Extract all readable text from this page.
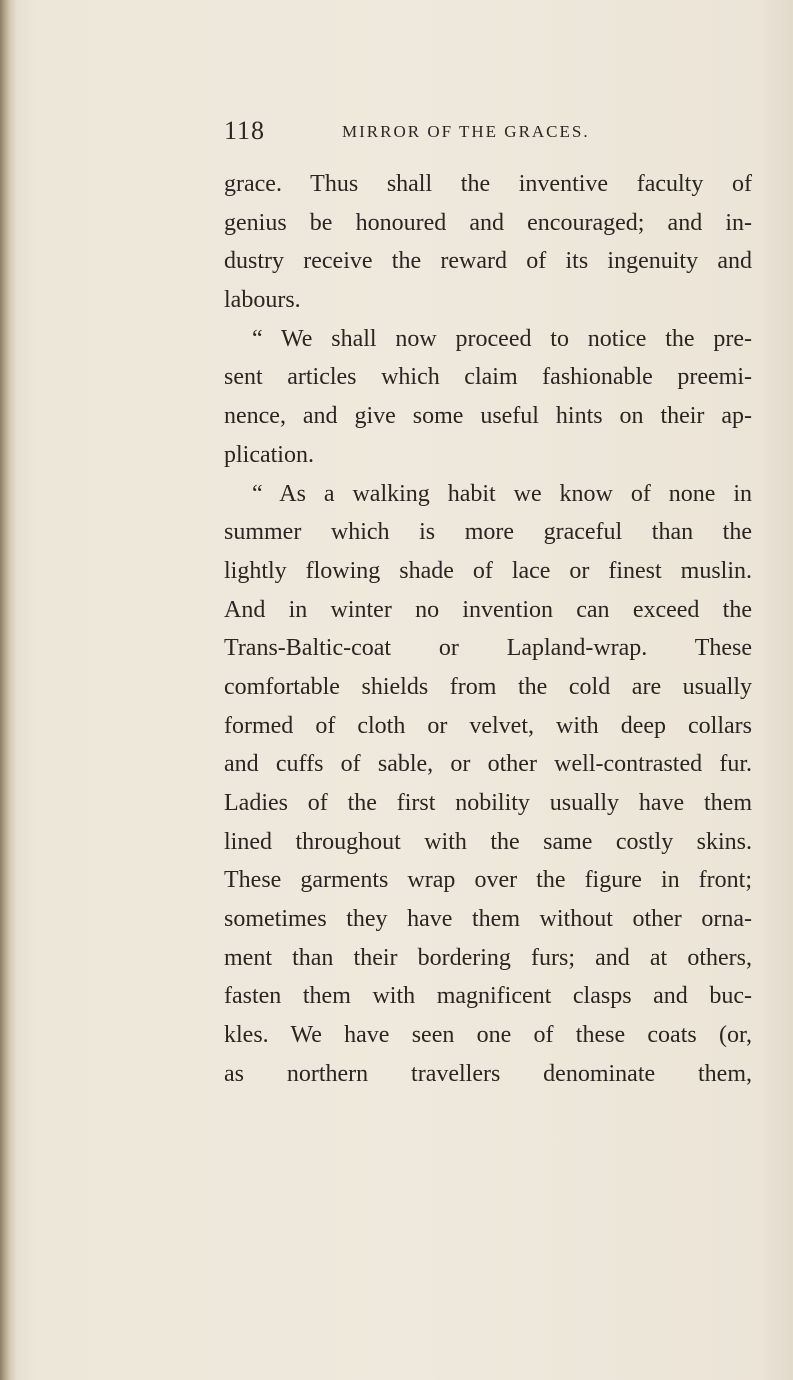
118	MIRROR OF THE GRACES.
grace. Thus shall the inventive faculty of
genius be honoured and encouraged; and in-
dustry receive the reward of its ingenuity and
labours.
“ We shall now proceed to notice the pre-
sent articles which claim fashionable preemi-
nence, and give some useful hints on their ap-
plication.
“ As a walking habit we know of none in
summer which is more graceful than the
lightly flowing shade of lace or finest muslin.
And in winter no invention can exceed the
Trans-Baltic-coat or Lapland-wrap. These
comfortable shields from the cold are usually
formed of cloth or velvet, with deep collars
and cuffs of sable, or other well-contrasted fur.
Ladies of the first nobility usually have them
lined throughout with the same costly skins.
These garments wrap over the figure in front;
sometimes they have them without other orna-
ment than their bordering furs; and at others,
fasten them with magnificent clasps and buc-
kles. We have seen one of these coats (or,
as northern travellers denominate them,
